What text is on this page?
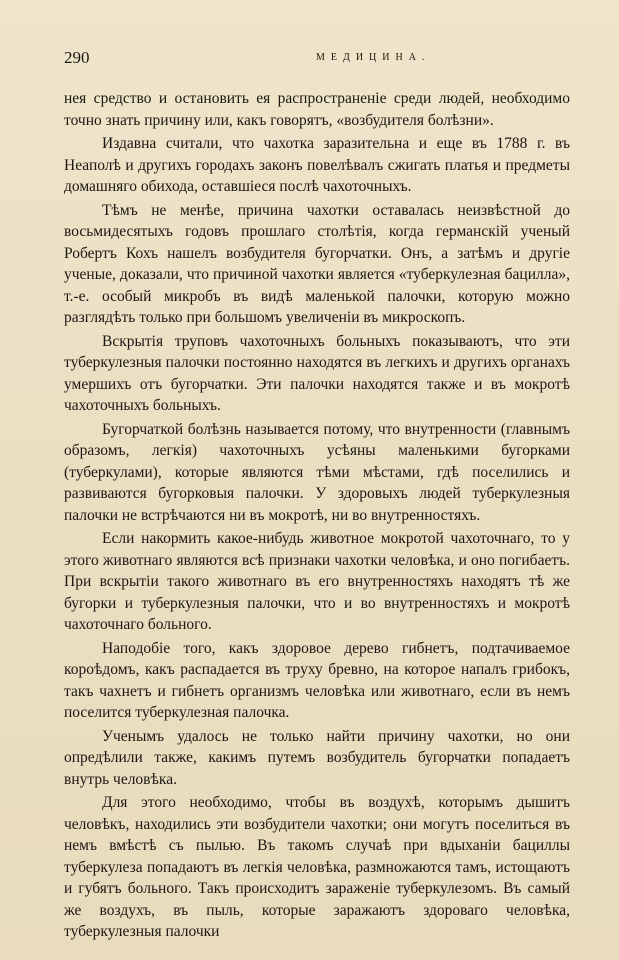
290	МЕДИЦИНА.

нея средство и остановить ея распространеніе среди людей, необходимо точно знать причину или, какъ говорятъ, «возбудителя болѣзни».

Издавна считали, что чахотка заразительна и еще въ 1788 г. въ Неаполѣ и другихъ городахъ законъ повелѣвалъ сжигать платья и предметы домашняго обихода, оставшіеся послѣ чахоточныхъ.

Тѣмъ не менѣе, причина чахотки оставалась неизвѣстной до восьмидесятыхъ годовъ прошлаго столѣтія, когда германскій ученый Робертъ Кохъ нашелъ возбудителя бугорчатки. Онъ, а затѣмъ и другіе ученые, доказали, что причиной чахотки является «туберкулезная бацилла», т.-е. особый микробъ въ видѣ маленькой палочки, которую можно разглядѣть только при большомъ увеличеніи въ микроскопъ.

Вскрытія труповъ чахоточныхъ больныхъ показываютъ, что эти туберкулезныя палочки постоянно находятся въ легкихъ и другихъ органахъ умершихъ отъ бугорчатки. Эти палочки находятся также и въ мокротѣ чахоточныхъ больныхъ.

Бугорчаткой болѣзнь называется потому, что внутренности (главнымъ образомъ, легкія) чахоточныхъ усѣяны маленькими бугорками (туберкулами), которые являются тѣми мѣстами, гдѣ поселились и развиваются бугорковыя палочки. У здоровыхъ людей туберкулезныя палочки не встрѣчаются ни въ мокротѣ, ни во внутренностяхъ.

Если накормить какое-нибудь животное мокротой чахоточнаго, то у этого животнаго являются всѣ признаки чахотки человѣка, и оно погибаетъ. При вскрытіи такого животнаго въ его внутренностяхъ находятъ тѣ же бугорки и туберкулезныя палочки, что и во внутренностяхъ и мокротѣ чахоточнаго больного.

Наподобіе того, какъ здоровое дерево гибнетъ, подтачиваемое короѣдомъ, какъ распадается въ труху бревно, на которое напалъ грибокъ, такъ чахнетъ и гибнетъ организмъ человѣка или животнаго, если въ немъ поселится туберкулезная палочка.

Ученымъ удалось не только найти причину чахотки, но они опредѣлили также, какимъ путемъ возбудитель бугорчатки попадаетъ внутрь человѣка.

Для этого необходимо, чтобы въ воздухѣ, которымъ дышитъ человѣкъ, находились эти возбудители чахотки; они могутъ поселиться въ немъ вмѣстѣ съ пылью. Въ такомъ случаѣ при вдыханіи бациллы туберкулеза попадаютъ въ легкія человѣка, размножаются тамъ, истощаютъ и губятъ больного. Такъ происходитъ зараженіе туберкулезомъ. Въ самый же воздухъ, въ пыль, которые заражаютъ здороваго человѣка, туберкулезныя палочки
